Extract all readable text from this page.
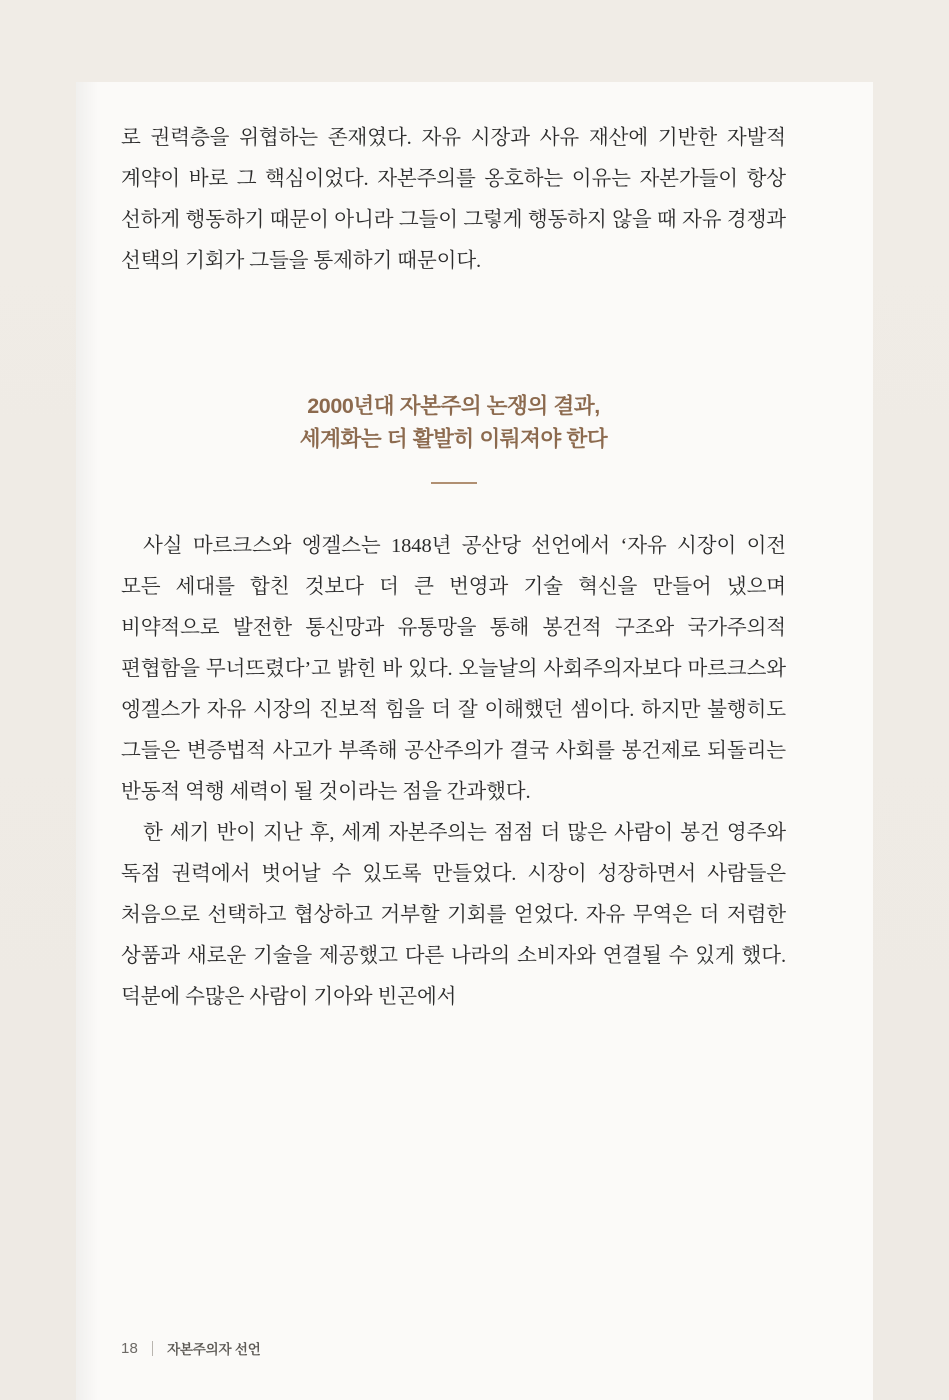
로 권력층을 위협하는 존재였다. 자유 시장과 사유 재산에 기반한 자발적 계약이 바로 그 핵심이었다. 자본주의를 옹호하는 이유는 자본가들이 항상 선하게 행동하기 때문이 아니라 그들이 그렇게 행동하지 않을 때 자유 경쟁과 선택의 기회가 그들을 통제하기 때문이다.

2000년대 자본주의 논쟁의 결과,
세계화는 더 활발히 이뤄져야 한다

사실 마르크스와 엥겔스는 1848년 공산당 선언에서 ‘자유 시장이 이전 모든 세대를 합친 것보다 더 큰 번영과 기술 혁신을 만들어 냈으며 비약적으로 발전한 통신망과 유통망을 통해 봉건적 구조와 국가주의적 편협함을 무너뜨렸다’고 밝힌 바 있다. 오늘날의 사회주의자보다 마르크스와 엥겔스가 자유 시장의 진보적 힘을 더 잘 이해했던 셈이다. 하지만 불행히도 그들은 변증법적 사고가 부족해 공산주의가 결국 사회를 봉건제로 되돌리는 반동적 역행 세력이 될 것이라는 점을 간과했다.

한 세기 반이 지난 후, 세계 자본주의는 점점 더 많은 사람이 봉건 영주와 독점 권력에서 벗어날 수 있도록 만들었다. 시장이 성장하면서 사람들은 처음으로 선택하고 협상하고 거부할 기회를 얻었다. 자유 무역은 더 저렴한 상품과 새로운 기술을 제공했고 다른 나라의 소비자와 연결될 수 있게 했다. 덕분에 수많은 사람이 기아와 빈곤에서

18 자본주의자 선언
